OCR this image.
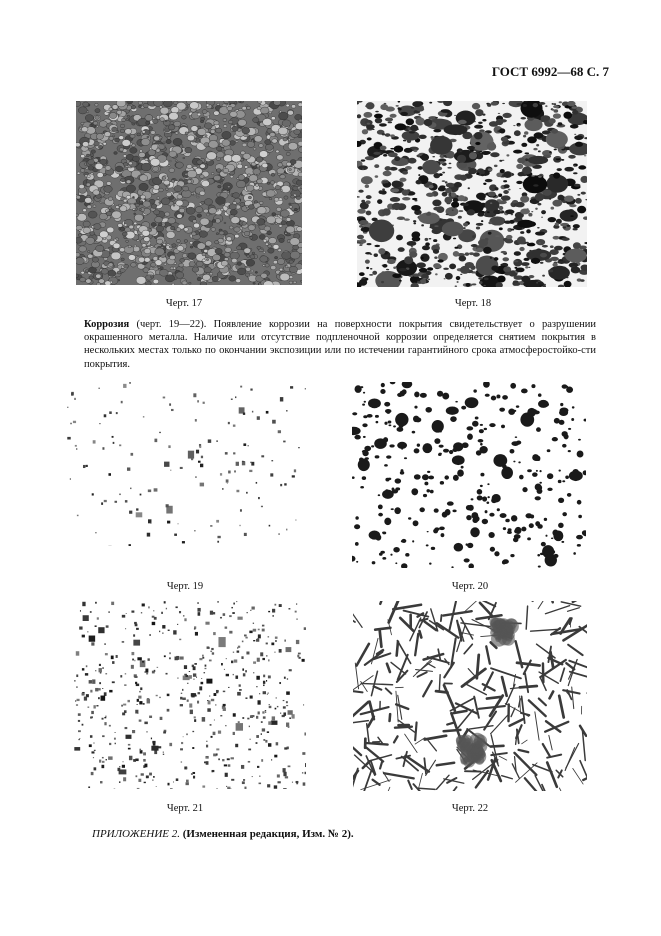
ГОСТ 6992—68 С. 7
Черт. 17	Черт. 18
Коррозия (черт. 19—22). Появление коррозии на поверхности покрытия свидетельствует о разрушении окрашенного металла. Наличие или отсутствие подпленочной коррозии определяется снятием покрытия в нескольких местах только по окончании экспозиции или по истечении гарантийного срока атмосферостойко-сти покрытия.
Черт. 19	Черт. 20
Черт. 21	Черт. 22
ПРИЛОЖЕНИЕ 2. (Измененная редакция, Изм. № 2).
